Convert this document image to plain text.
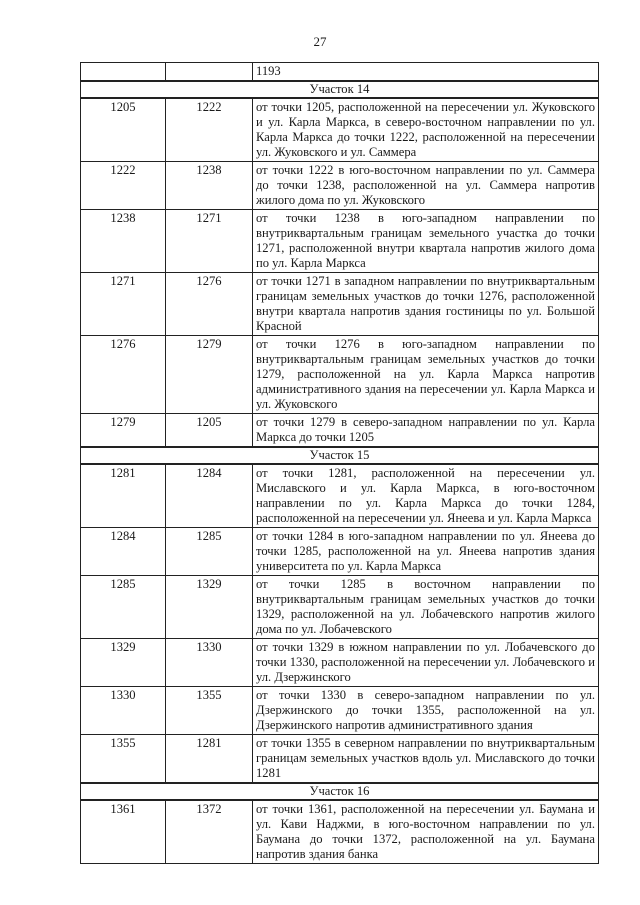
27
		1193
Участок 14		
1205	1222	от точки 1205, расположенной на пересечении ул. Жуковского и ул. Карла Маркса, в северо-восточном направлении по ул. Карла Маркса до точки 1222, расположенной на пересечении ул. Жуковского и ул. Саммера
1222	1238	от точки 1222 в юго-восточном направлении по ул. Саммера до точки 1238, расположенной на ул. Саммера напротив жилого дома по ул. Жуковского
1238	1271	от точки 1238 в юго-западном направлении по внутриквартальным границам земельного участка до точки 1271, расположенной внутри квартала напротив жилого дома по ул. Карла Маркса
1271	1276	от точки 1271 в западном направлении по внутриквартальным границам земельных участков до точки 1276, расположенной внутри квартала напротив здания гостиницы по ул. Большой Красной
1276	1279	от точки 1276 в юго-западном направлении по внутриквартальным границам земельных участков до точки 1279, расположенной на ул. Карла Маркса напротив административного здания на пересечении ул. Карла Маркса и ул. Жуковского
1279	1205	от точки 1279 в северо-западном направлении по ул. Карла Маркса до точки 1205
Участок 15		
1281	1284	от точки 1281, расположенной на пересечении ул. Миславского и ул. Карла Маркса, в юго-восточном направлении по ул. Карла Маркса до точки 1284, расположенной на пересечении ул. Янеева и ул. Карла Маркса
1284	1285	от точки 1284 в юго-западном направлении по ул. Янеева до точки 1285, расположенной на ул. Янеева напротив здания университета по ул. Карла Маркса
1285	1329	от точки 1285 в восточном направлении по внутриквартальным границам земельных участков до точки 1329, расположенной на ул. Лобачевского напротив жилого дома по ул. Лобачевского
1329	1330	от точки 1329 в южном направлении по ул. Лобачевского до точки 1330, расположенной на пересечении ул. Лобачевского и ул. Дзержинского
1330	1355	от точки 1330 в северо-западном направлении по ул. Дзержинского до точки 1355, расположенной на ул. Дзержинского напротив административного здания
1355	1281	от точки 1355 в северном направлении по внутриквартальным границам земельных участков вдоль ул. Миславского до точки 1281
Участок 16		
1361	1372	от точки 1361, расположенной на пересечении ул. Баумана и ул. Кави Наджми, в юго-восточном направлении по ул. Баумана до точки 1372, расположенной на ул. Баумана напротив здания банка
